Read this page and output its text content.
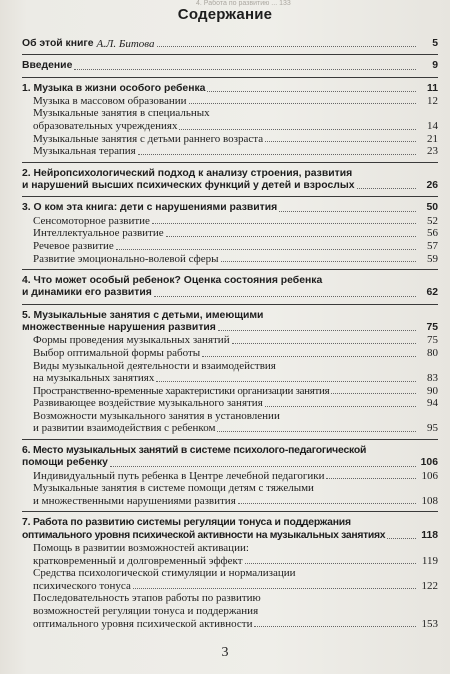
4. Работа по развитию ... 133
Содержание
Об этой книге
А.Л. Битова	5
Введение	9
1. Музыка в жизни особого ребенка	11
Музыка в массовом образовании	12
Музыкальные занятия в специальных
образовательных учреждениях	14
Музыкальные занятия с детьми раннего возраста	21
Музыкальная терапия	23
2. Нейропсихологический подход к анализу строения, развития
и нарушений высших психических функций у детей и взрослых	26
3. О ком эта книга: дети с нарушениями развития	50
Сенсомоторное развитие	52
Интеллектуальное развитие	56
Речевое развитие	57
Развитие эмоционально-волевой сферы	59
4. Что может особый ребенок? Оценка состояния ребенка
и динамики его развития	62
5. Музыкальные занятия с детьми, имеющими
множественные нарушения развития	75
Формы проведения музыкальных занятий	75
Выбор оптимальной формы работы	80
Виды музыкальной деятельности и взаимодействия
на музыкальных занятиях	83
Пространственно-временные характеристики организации занятия	90
Развивающее воздействие музыкального занятия	94
Возможности музыкального занятия в установлении
и развитии взаимодействия с ребенком	95
6. Место музыкальных занятий в системе психолого-педагогической
помощи ребенку	106
Индивидуальный путь ребенка в Центре лечебной педагогики	106
Музыкальные занятия в системе помощи детям с тяжелыми
и множественными нарушениями развития	108
7. Работа по развитию системы регуляции тонуса и поддержания
оптимального уровня психической активности на музыкальных занятиях	118
Помощь в развитии возможностей активации:
кратковременный и долговременный эффект	119
Средства психологической стимуляции и нормализации
психического тонуса	122
Последовательность этапов работы по развитию
возможностей регуляции тонуса и поддержания
оптимального уровня психической активности	153
3
